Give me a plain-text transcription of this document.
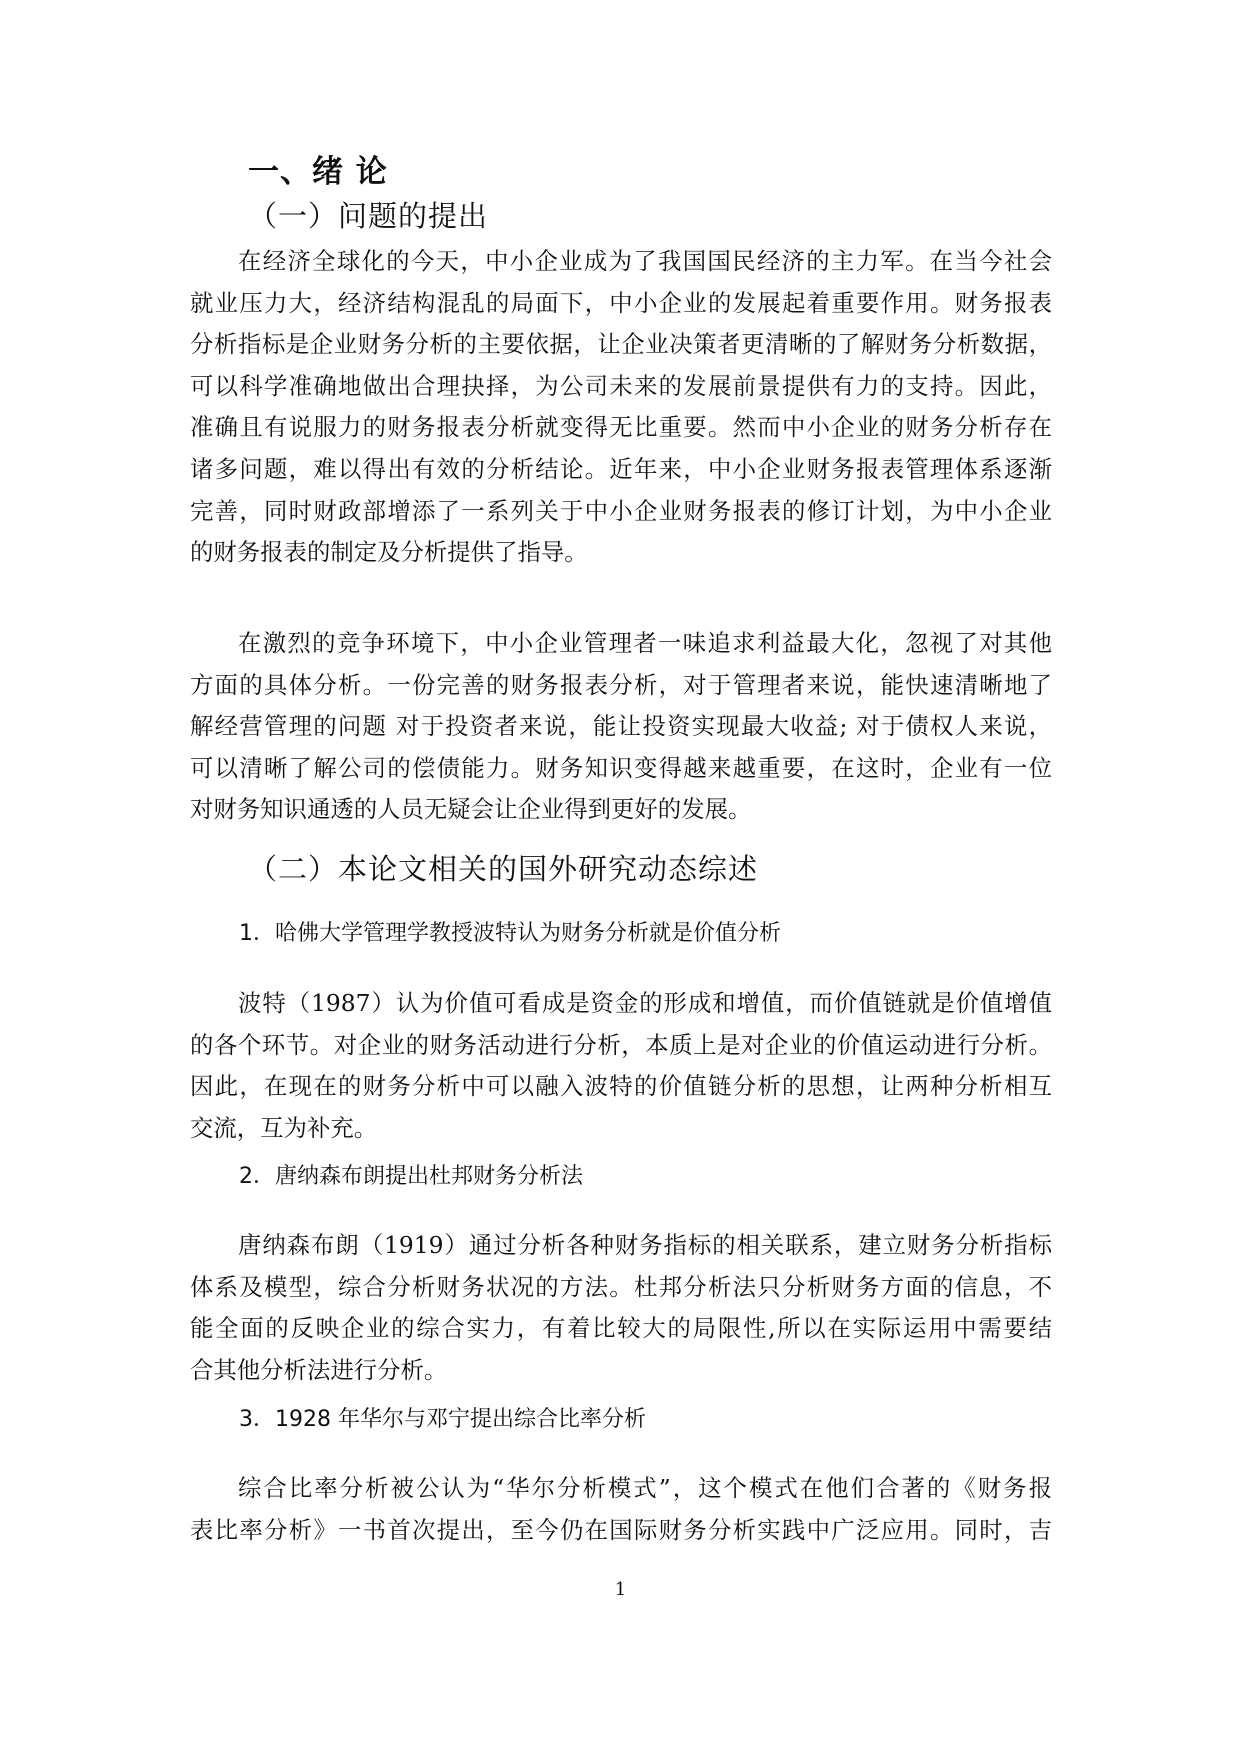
一、绪 论
（一）问题的提出
在经济全球化的今天，中小企业成为了我国国民经济的主力军。在当今社会
就业压力大，经济结构混乱的局面下，中小企业的发展起着重要作用。财务报表
分析指标是企业财务分析的主要依据，让企业决策者更清晰的了解财务分析数据，
可以科学准确地做出合理抉择，为公司未来的发展前景提供有力的支持。因此，
准确且有说服力的财务报表分析就变得无比重要。然而中小企业的财务分析存在
诸多问题，难以得出有效的分析结论。近年来，中小企业财务报表管理体系逐渐
完善，同时财政部增添了一系列关于中小企业财务报表的修订计划，为中小企业
的财务报表的制定及分析提供了指导。
在激烈的竞争环境下，中小企业管理者一味追求利益最大化，忽视了对其他
方面的具体分析。一份完善的财务报表分析，对于管理者来说，能快速清晰地了
解经营管理的问题 对于投资者来说，能让投资实现最大收益; 对于债权人来说，
可以清晰了解公司的偿债能力。财务知识变得越来越重要，在这时，企业有一位
对财务知识通透的人员无疑会让企业得到更好的发展。
（二）本论文相关的国外研究动态综述
1．哈佛大学管理学教授波特认为财务分析就是价值分析
波特（1987）认为价值可看成是资金的形成和增值，而价值链就是价值增值
的各个环节。对企业的财务活动进行分析，本质上是对企业的价值运动进行分析。
因此，在现在的财务分析中可以融入波特的价值链分析的思想，让两种分析相互
交流，互为补充。
2．唐纳森布朗提出杜邦财务分析法
唐纳森布朗（1919）通过分析各种财务指标的相关联系，建立财务分析指标
体系及模型，综合分析财务状况的方法。杜邦分析法只分析财务方面的信息，不
能全面的反映企业的综合实力，有着比较大的局限性,所以在实际运用中需要结
合其他分析法进行分析。
3．1928 年华尔与邓宁提出综合比率分析
综合比率分析被公认为“华尔分析模式”，这个模式在他们合著的《财务报
表比率分析》一书首次提出，至今仍在国际财务分析实践中广泛应用。同时，吉
1
